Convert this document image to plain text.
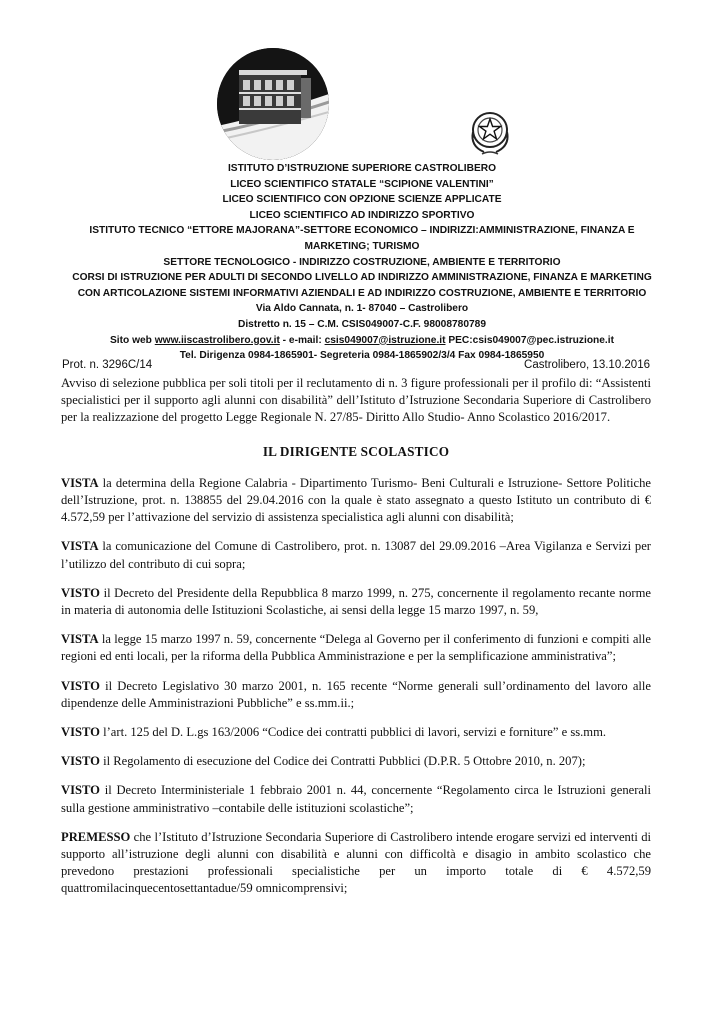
ISTITUTO D’ISTRUZIONE SUPERIORE CASTROLIBERO
LICEO SCIENTIFICO STATALE “SCIPIONE VALENTINI”
LICEO SCIENTIFICO CON OPZIONE SCIENZE APPLICATE
LICEO SCIENTIFICO AD INDIRIZZO SPORTIVO
ISTITUTO TECNICO “ETTORE MAJORANA”-SETTORE ECONOMICO – INDIRIZZI:AMMINISTRAZIONE, FINANZA E
MARKETING; TURISMO
SETTORE TECNOLOGICO - INDIRIZZO COSTRUZIONE, AMBIENTE E TERRITORIO
CORSI DI ISTRUZIONE PER ADULTI DI SECONDO LIVELLO AD INDIRIZZO AMMINISTRAZIONE, FINANZA E MARKETING
CON ARTICOLAZIONE SISTEMI INFORMATIVI AZIENDALI E AD INDIRIZZO COSTRUZIONE, AMBIENTE E TERRITORIO
Via Aldo Cannata, n. 1- 87040 – Castrolibero
Distretto n. 15 – C.M. CSIS049007-C.F. 98008780789
Sito web www.iiscastrolibero.gov.it - e-mail: csis049007@istruzione.it PEC:csis049007@pec.istruzione.it
Tel. Dirigenza 0984-1865901- Segreteria 0984-1865902/3/4 Fax 0984-1865950
Prot. n. 3296C/14	Castrolibero, 13.10.2016

Avviso di selezione pubblica per soli titoli per il reclutamento di n. 3 figure professionali per il profilo di: “Assistenti specialistici per il supporto agli alunni con disabilità” dell’Istituto d’Istruzione Secondaria Superiore di Castrolibero per la realizzazione del progetto Legge Regionale N. 27/85- Diritto Allo Studio- Anno Scolastico 2016/2017.

IL DIRIGENTE SCOLASTICO

VISTA la determina della Regione Calabria - Dipartimento Turismo- Beni Culturali e Istruzione- Settore Politiche dell’Istruzione, prot. n. 138855 del 29.04.2016 con la quale è stato assegnato a questo Istituto un contributo di € 4.572,59 per l’attivazione del servizio di assistenza specialistica agli alunni con disabilità;

VISTA la comunicazione del Comune di Castrolibero, prot. n. 13087 del 29.09.2016 –Area Vigilanza e Servizi per l’utilizzo del contributo di cui sopra;

VISTO il Decreto del Presidente della Repubblica 8 marzo 1999, n. 275, concernente il regolamento recante norme in materia di autonomia delle Istituzioni Scolastiche, ai sensi della legge 15 marzo 1997, n. 59,

VISTA la legge 15 marzo 1997 n. 59, concernente “Delega al Governo per il conferimento di funzioni e compiti alle regioni ed enti locali, per la riforma della Pubblica Amministrazione e per la semplificazione amministrativa”;

VISTO il Decreto Legislativo 30 marzo 2001, n. 165 recente “Norme generali sull’ordinamento del lavoro alle dipendenze delle Amministrazioni Pubbliche” e ss.mm.ii.;

VISTO l’art. 125 del D. L.gs 163/2006 “Codice dei contratti pubblici di lavori, servizi e forniture” e ss.mm.

VISTO il Regolamento di esecuzione del Codice dei Contratti Pubblici (D.P.R. 5 Ottobre 2010, n. 207);

VISTO il Decreto Interministeriale 1 febbraio 2001 n. 44, concernente “Regolamento circa le Istruzioni generali sulla gestione amministrativo –contabile delle istituzioni scolastiche”;

PREMESSO che l’Istituto d’Istruzione Secondaria Superiore di Castrolibero intende erogare servizi ed interventi di supporto all’istruzione degli alunni con disabilità e alunni con difficoltà e disagio in ambito scolastico che prevedono prestazioni professionali specialistiche per un importo totale di € 4.572,59 quattromilacinquecentosettantadue/59 omnicomprensivi;
